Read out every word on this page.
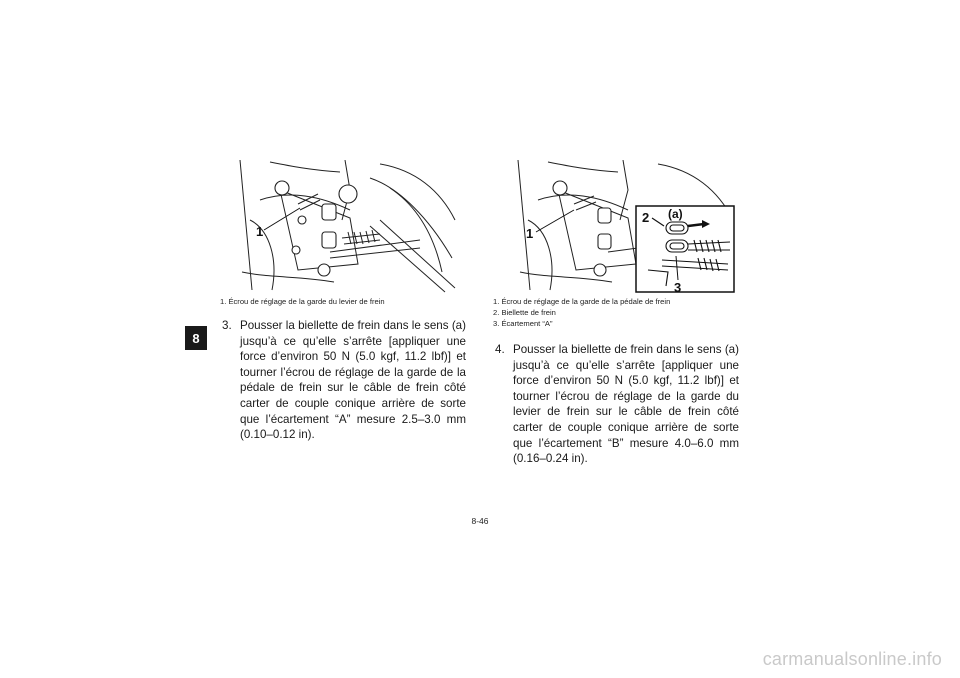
8
1	1
(a)
2
3
1. Écrou de réglage de la garde du levier de frein	1. Écrou de réglage de la garde de la pédale de frein
2. Biellette de frein
3. Écartement “A”
3. Pousser la biellette de frein dans le sens (a) jusqu’à ce qu’elle s’arrête [appliquer une force d’environ 50 N (5.0 kgf, 11.2 lbf)] et tourner l’écrou de réglage de la garde de la pédale de frein sur le câble de frein côté carter de couple conique arrière de sorte que l’écartement “A” mesure 2.5–3.0 mm (0.10–0.12 in).
4. Pousser la biellette de frein dans le sens (a) jusqu’à ce qu’elle s’arrête [appliquer une force d’environ 50 N (5.0 kgf, 11.2 lbf)] et tourner l’écrou de réglage de la garde du levier de frein sur le câble de frein côté carter de couple conique arrière de sorte que l’écartement “B” mesure 4.0–6.0 mm (0.16–0.24 in).
8-46
carmanualsonline.info
